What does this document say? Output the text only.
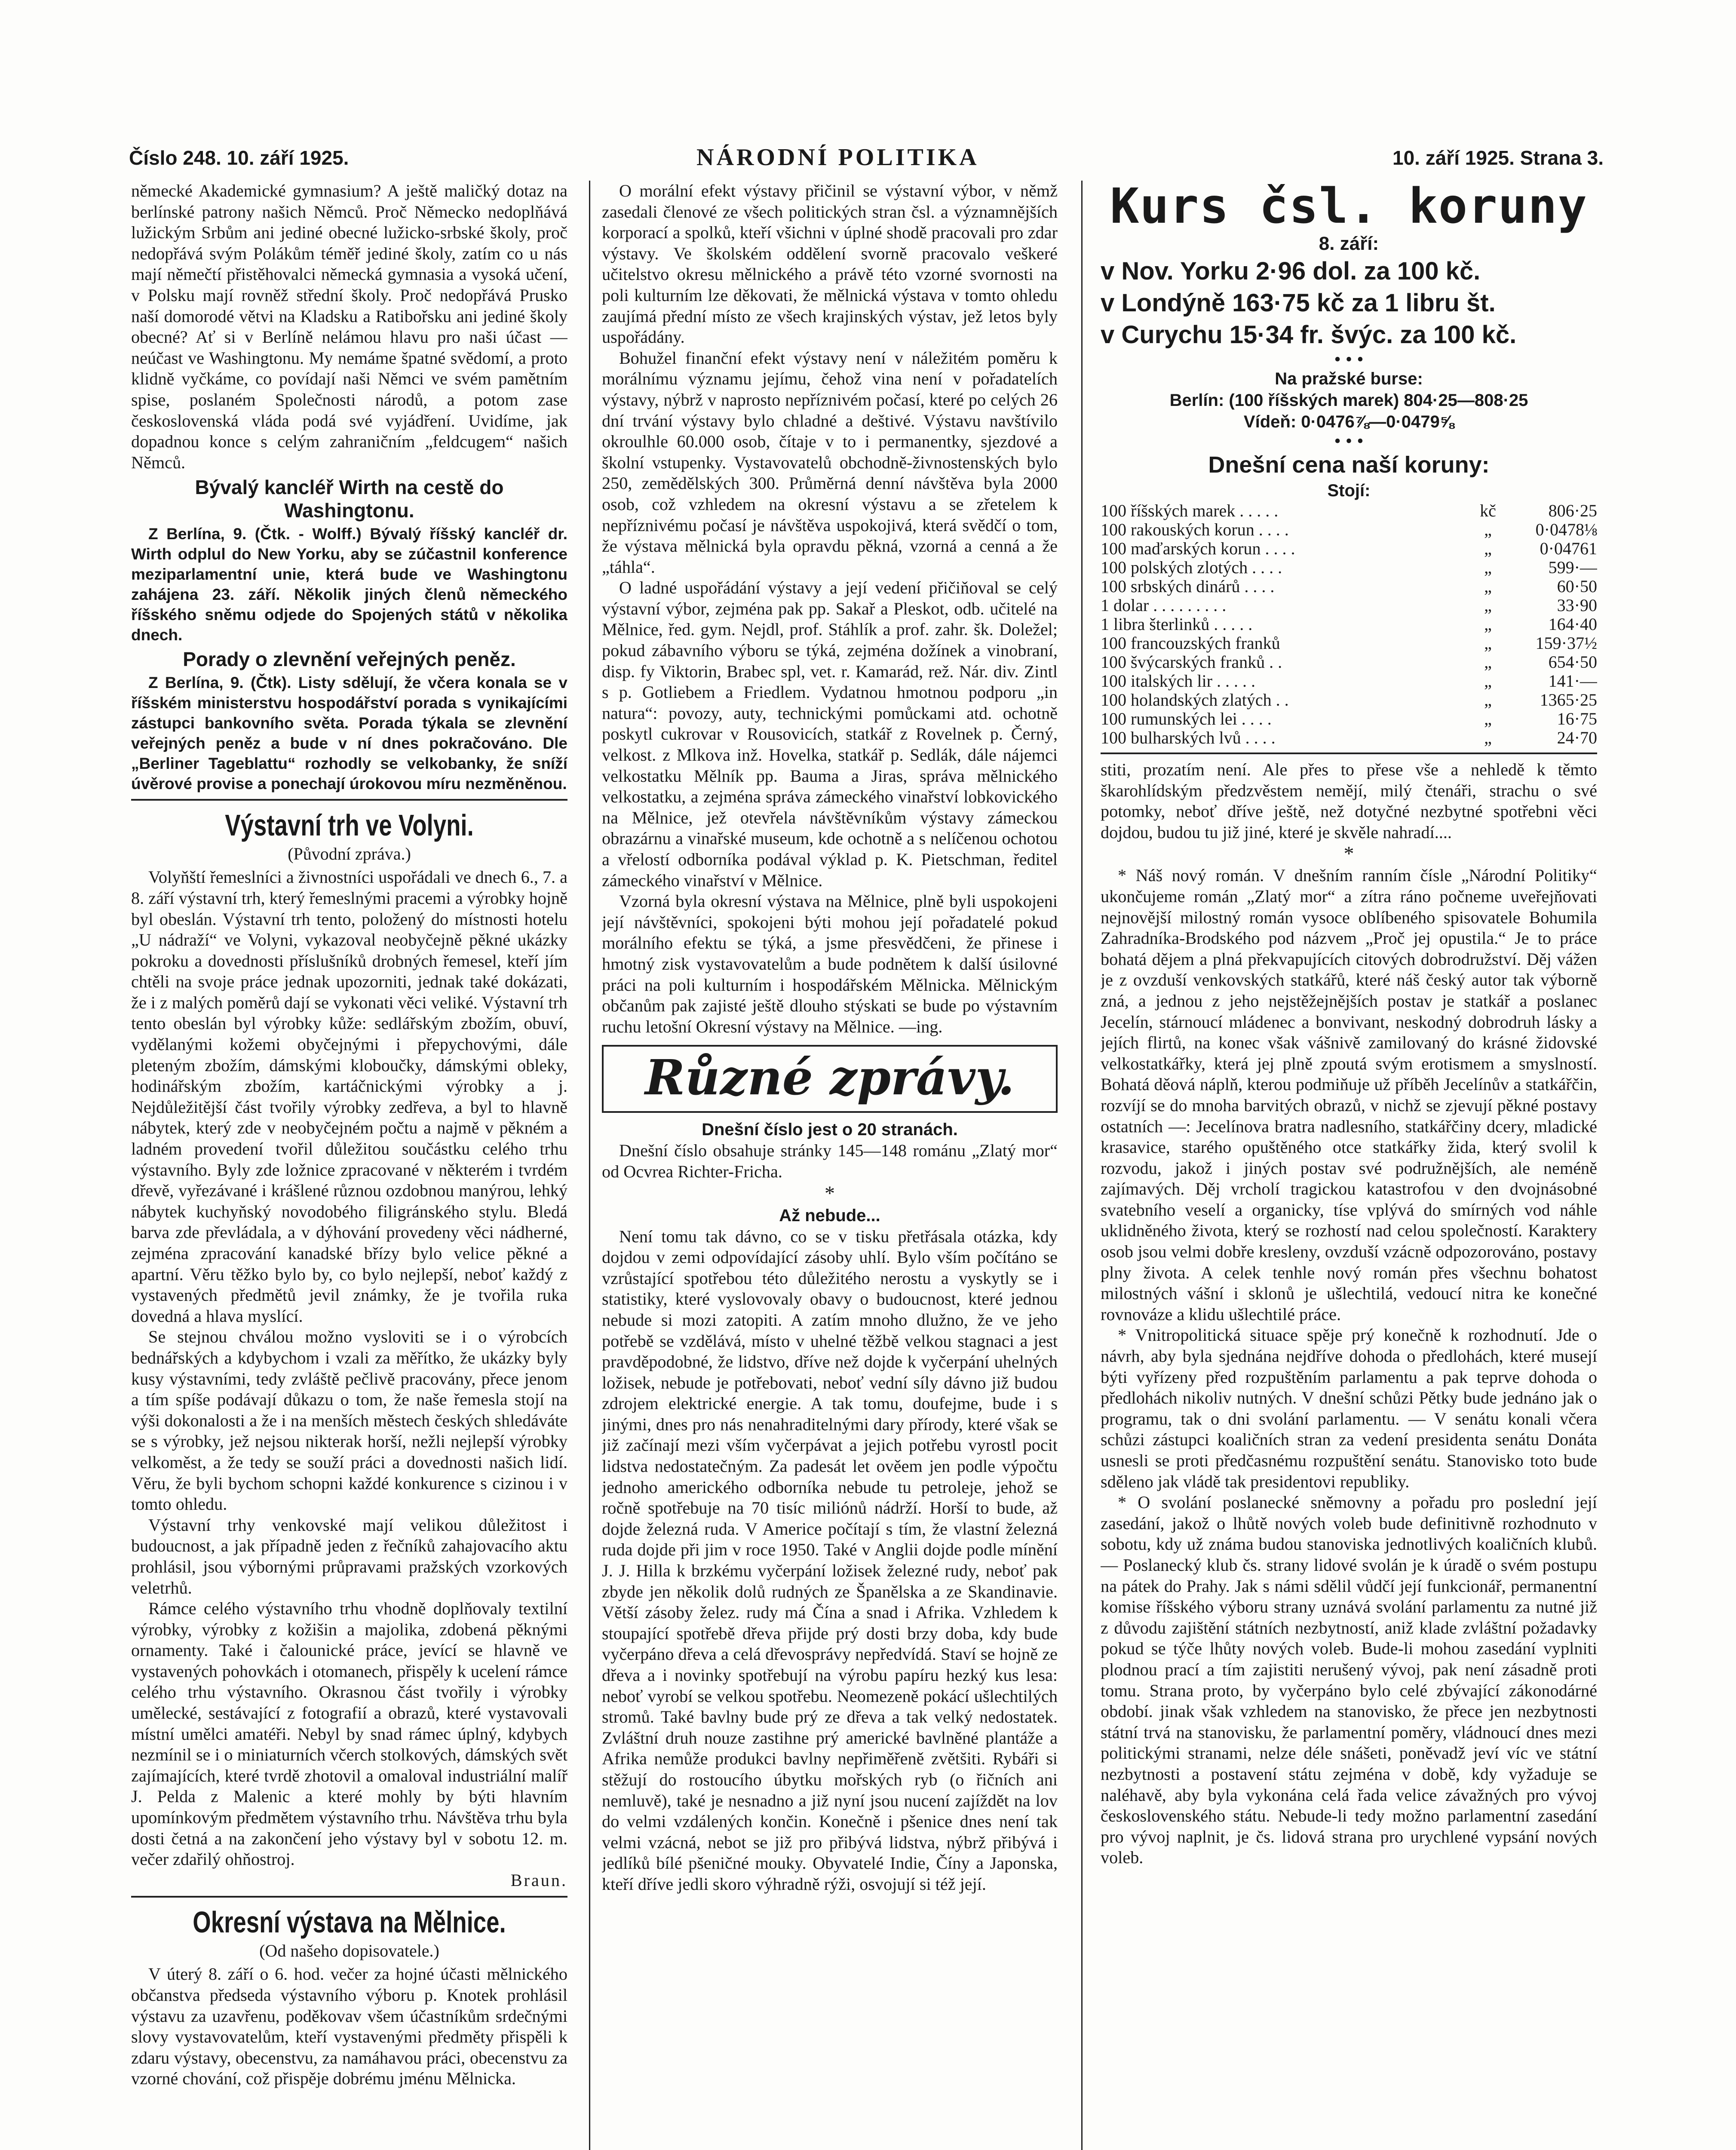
Číslo 248. 10. září 1925.	NÁRODNÍ POLITIKA	10. září 1925. Strana 3.

německé Akademické gymnasium? A ještě maličký dotaz na berlínské patrony našich Němců. Proč Německo nedoplňává lužickým Srbům ani jediné obecné lužicko-srbské školy, proč nedopřává svým Polákům téměř jediné školy, zatím co u nás mají němečtí přistěhovalci německá gymnasia a vysoká učení, v Polsku mají rovněž střední školy. Proč nedopřává Prusko naší domorodé větvi na Kladsku a Ratibořsku ani jediné školy obecné? Ať si v Berlíně nelámou hlavu pro naši účast — neúčast ve Washingtonu. My nemáme špatné svědomí, a proto klidně vyčkáme, co povídají naši Němci ve svém pamětním spise, poslaném Společnosti národů, a potom zase československá vláda podá své vyjádření. Uvidíme, jak dopadnou konce s celým zahraničním „feldcugem“ našich Němců.

Bývalý kancléř Wirth na cestě do Washingtonu.

Z Berlína, 9. (Čtk. - Wolff.) Bývalý říšský kancléř dr. Wirth odplul do New Yorku, aby se zúčastnil konference meziparlamentní unie, která bude ve Washingtonu zahájena 23. září. Několik jiných členů německého říšského sněmu odjede do Spojených států v několika dnech.

Porady o zlevnění veřejných peněz.

Z Berlína, 9. (Čtk). Listy sdělují, že včera konala se v říšském ministerstvu hospodářství porada s vynikajícími zástupci bankovního světa. Porada týkala se zlevnění veřejných peněz a bude v ní dnes pokračováno. Dle „Berliner Tageblattu“ rozhodly se velkobanky, že sníží úvěrové provise a ponechají úrokovou míru nezměněnou.

Výstavní trh ve Volyni.
(Původní zpráva.)

Volyňští řemeslníci a živnostníci uspořádali ve dnech 6., 7. a 8. září výstavní trh, který řemeslnými pracemi a výrobky hojně byl obeslán. Výstavní trh tento, položený do místnosti hotelu „U nádraží“ ve Volyni, vykazoval neobyčejně pěkné ukázky pokroku a dovednosti příslušníků drobných řemesel, kteří jím chtěli na svoje práce jednak upozorniti, jednak také dokázati, že i z malých poměrů dají se vykonati věci veliké. Výstavní trh tento obeslán byl výrobky kůže: sedlářským zbožím, obuví, vydělanými kožemi obyčejnými i přepychovými, dále pleteným zbožím, dámskými kloboučky, dámskými obleky, hodinářským zbožím, kartáčnickými výrobky a j. Nejdůležitější část tvořily výrobky zedřeva, a byl to hlavně nábytek, který zde v neobyčejném počtu a najmě v pěkném a ladném provedení tvořil důležitou součástku celého trhu výstavního. Byly zde ložnice zpracované v některém i tvrdém dřevě, vyřezávané i krášlené různou ozdobnou manýrou, lehký nábytek kuchyňský novodobého filigránského stylu. Bledá barva zde převládala, a v dýhování provedeny věci nádherné, zejména zpracování kanadské břízy bylo velice pěkné a apartní. Věru těžko bylo by, co bylo nejlepší, neboť každý z vystavených předmětů jevil známky, že je tvořila ruka dovedná a hlava myslící.

Se stejnou chválou možno vysloviti se i o výrobcích bednářských a kdybychom i vzali za měřítko, že ukázky byly kusy výstavními, tedy zvláště pečlivě pracovány, přece jenom a tím spíše podávají důkazu o tom, že naše řemesla stojí na výši dokonalosti a že i na menších městech českých shledáváte se s výrobky, jež nejsou nikterak horší, nežli nejlepší výrobky velkoměst, a že tedy se souží práci a dovednosti našich lidí. Věru, že byli bychom schopni každé konkurence s cizinou i v tomto ohledu.

Výstavní trhy venkovské mají velikou důležitost i budoucnost, a jak případně jeden z řečníků zahajovacího aktu prohlásil, jsou výbornými průpravami pražských vzorkových veletrhů.

Rámce celého výstavního trhu vhodně doplňovaly textilní výrobky, výrobky z kožišin a majolika, zdobená pěknými ornamenty. Také i čalounické práce, jevící se hlavně ve vystavených pohovkách i otomanech, přispěly k ucelení rámce celého trhu výstavního. Okrasnou část tvořily i výrobky umělecké, sestávající z fotografií a obrazů, které vystavovali místní umělci amatéři. Nebyl by snad rámec úplný, kdybych nezmínil se i o miniaturních včerch stolkových, dámských svět zajímajících, které tvrdě zhotovil a omaloval industriální malíř J. Pelda z Malenic a které mohly by býti hlavním upomínkovým předmětem výstavního trhu. Návštěva trhu byla dosti četná a na zakončení jeho výstavy byl v sobotu 12. m. večer zdařilý ohňostroj.

Braun.

Okresní výstava na Mělnice.
(Od našeho dopisovatele.)

V úterý 8. září o 6. hod. večer za hojné účasti mělnického občanstva předseda výstavního výboru p. Knotek prohlásil výstavu za uzavřenu, poděkovav všem účastníkům srdečnými slovy vystavovatelům, kteří vystavenými předměty přispěli k zdaru výstavy, obecenstvu, za namáhavou práci, obecenstvu za vzorné chování, což přispěje dobrému jménu Mělnicka.

O morální efekt výstavy přičinil se výstavní výbor, v němž zasedali členové ze všech politických stran čsl. a významnějších korporací a spolků, kteří všichni v úplné shodě pracovali pro zdar výstavy. Ve školském oddělení svorně pracovalo veškeré učitelstvo okresu mělnického a právě této vzorné svornosti na poli kulturním lze děkovati, že mělnická výstava v tomto ohledu zaujímá přední místo ze všech krajinských výstav, jež letos byly uspořádány.

Bohužel finanční efekt výstavy není v náležitém poměru k morálnímu významu jejímu, čehož vina není v pořadatelích výstavy, nýbrž v naprosto nepříznivém počasí, které po celých 26 dní trvání výstavy bylo chladné a deštivé. Výstavu navštívilo okroulhle 60.000 osob, čítaje v to i permanentky, sjezdové a školní vstupenky. Vystavovatelů obchodně-živnostenských bylo 250, zemědělských 300. Průměrná denní návštěva byla 2000 osob, což vzhledem na okresní výstavu a se zřetelem k nepříznivému počasí je návštěva uspokojivá, která svědčí o tom, že výstava mělnická byla opravdu pěkná, vzorná a cenná a že „táhla“.

O ladné uspořádání výstavy a její vedení přičiňoval se celý výstavní výbor, zejména pak pp. Sakař a Pleskot, odb. učitelé na Mělnice, řed. gym. Nejdl, prof. Stáhlík a prof. zahr. šk. Doležel; pokud zábavního výboru se týká, zejména dožínek a vinobraní, disp. fy Viktorin, Brabec spl, vet. r. Kamarád, rež. Nár. div. Zintl s p. Gotliebem a Friedlem. Vydatnou hmotnou podporu „in natura“: povozy, auty, technickými pomůckami atd. ochotně poskytl cukrovar v Rousovicích, statkář z Rovelnek p. Černý, velkost. z Mlkova inž. Hovelka, statkář p. Sedlák, dále nájemci velkostatku Mělník pp. Bauma a Jiras, správa mělnického velkostatku, a zejména správa zámeckého vinařství lobkovického na Mělnice, jež otevřela návštěvníkům výstavy zámeckou obrazárnu a vinařské museum, kde ochotně a s nelíčenou ochotou a vřelostí odborníka podával výklad p. K. Pietschman, ředitel zámeckého vinařství v Mělnice.

Vzorná byla okresní výstava na Mělnice, plně byli uspokojeni její návštěvníci, spokojeni býti mohou její pořadatelé pokud morálního efektu se týká, a jsme přesvědčeni, že přinese i hmotný zisk vystavovatelům a bude podnětem k další úsilovné práci na poli kulturním i hospodářském Mělnicka. Mělnickým občanům pak zajisté ještě dlouho stýskati se bude po výstavním ruchu letošní Okresní výstavy na Mělnice. —ing.

Různé zprávy.
Dnešní číslo jest o 20 stranách.

Dnešní číslo obsahuje stránky 145—148 románu „Zlatý mor“ od Ocvrea Richter-Fricha.

*
Až nebude...

Není tomu tak dávno, co se v tisku přetřásala otázka, kdy dojdou v zemi odpovídající zásoby uhlí. Bylo vším počítáno se vzrůstající spotřebou této důležitého nerostu a vyskytly se i statistiky, které vyslovovaly obavy o budoucnost, které jednou nebude si mozi zatopiti. A zatím mnoho dlužno, že ve jeho potřebě se vzdělává, místo v uhelné těžbě velkou stagnaci a jest pravděpodobné, že lidstvo, dříve než dojde k vyčerpání uhelných ložisek, nebude je potřebovati, neboť vední síly dávno již budou zdrojem elektrické energie. A tak tomu, doufejme, bude i s jinými, dnes pro nás nenahraditelnými dary přírody, které však se již začínají mezi vším vyčerpávat a jejich potřebu vyrostl pocit lidstva nedostatečným. Za padesát let ověem jen podle výpočtu jednoho amerického odborníka nebude tu petroleje, jehož se ročně spotřebuje na 70 tisíc miliónů nádrží. Horší to bude, až dojde železná ruda. V Americe počítají s tím, že vlastní železná ruda dojde při jim v roce 1950. Také v Anglii dojde podle mínění J. J. Hilla k brzkému vyčerpání ložisek železné rudy, neboť pak zbyde jen několik dolů rudných ze Španělska a ze Skandinavie. Větší zásoby želez. rudy má Čína a snad i Afrika. Vzhledem k stoupající spotřebě dřeva přijde prý dosti brzy doba, kdy bude vyčerpáno dřeva a celá dřevosprávy nepředvídá. Staví se hojně ze dřeva a i novinky spotřebují na výrobu papíru hezký kus lesa: neboť vyrobí se velkou spotřebu. Neomezeně pokácí ušlechtilých stromů. Také bavlny bude prý ze dřeva a tak velký nedostatek. Zvláštní druh nouze zastihne prý americké bavlněné plantáže a Afrika nemůže produkci bavlny nepřiměřeně zvětšiti. Rybáři si stěžují do rostoucího úbytku mořských ryb (o řičních ani nemluvě), také je nesnadno a již nyní jsou nucení zajíždět na lov do velmi vzdálených končin. Konečně i pšenice dnes není tak velmi vzácná, nebot se již pro přibývá lidstva, nýbrž přibývá i jedlíků bílé pšeničné mouky. Obyvatelé Indie, Číny a Japonska, kteří dříve jedli skoro výhradně rýži, osvojují si též její.

Kurs čsl. koruny
8. září:
v Nov. Yorku 2·96 dol. za 100 kč.
v Londýně 163·75 kč za 1 libru št.
v Curychu 15·34 fr. švýc. za 100 kč.
• • •
Na pražské burse:
Berlín: (100 říšských marek) 804·25—808·25
Vídeň: 0·0476⅞—0·0479⅝
• • •
Dnešní cena naší koruny:
Stojí:
100 říšských marek . . . . .	kč	806·25
100 rakouských korun . . . .	„	0·0478⅛
100 maďarských korun . . . .	„	0·04761
100 polských zlotých . . . .	„	599·—
100 srbských dinárů . . . .	„	60·50
1 dolar . . . . . . . . .	„	33·90
1 libra šterlinků . . . . .	„	164·40
100 francouzských franků	„	159·37½
100 švýcarských franků . .	„	654·50
100 italských lir . . . . .	„	141·—
100 holandských zlatých . .	„	1365·25
100 rumunských lei . . . .	„	16·75
100 bulharských lvů . . . .	„	24·70

stiti, prozatím není. Ale přes to přese vše a nehledě k těmto škarohlídským předzvěstem nemějí, milý čtenáři, strachu o své potomky, neboť dříve ještě, než dotyčné nezbytné spotřebni věci dojdou, budou tu již jiné, které je skvěle nahradí....

*

* Náš nový román. V dnešním ranním čísle „Národní Politiky“ ukončujeme román „Zlatý mor“ a zítra ráno počneme uveřejňovati nejnovější milostný román vysoce oblíbeného spisovatele Bohumila Zahradníka-Brodského pod názvem „Proč jej opustila.“ Je to práce bohatá dějem a plná překvapujících citových dobrodružství. Děj vážen je z ovzduší venkovských statkářů, které náš český autor tak výborně zná, a jednou z jeho nejstěžejnějších postav je statkář a poslanec Jecelín, stárnoucí mládenec a bonvivant, neskodný dobrodruh lásky a jejích flirtů, na konec však vášnivě zamilovaný do krásné židovské velkostatkářky, která jej plně zpoutá svým erotismem a smyslností. Bohatá děová náplň, kterou podmiňuje už příběh Jecelínův a statkářčin, rozvíjí se do mnoha barvitých obrazů, v nichž se zjevují pěkné postavy ostatních —: Jecelínova bratra nadlesního, statkářčiny dcery, mladické krasavice, starého opuštěného otce statkářky žida, který svolil k rozvodu, jakož i jiných postav své podružnějších, ale neméně zajímavých. Děj vrcholí tragickou katastrofou v den dvojnásobné svatebního veselí a organicky, tíse vplývá do smírných vod náhle uklidněného života, který se rozhostí nad celou společností. Karaktery osob jsou velmi dobře kresleny, ovzduší vzácně odpozorováno, postavy plny života. A celek tenhle nový román přes všechnu bohatost milostných vášní i sklonů je ušlechtilá, vedoucí nitra ke konečné rovnováze a klidu ušlechtilé práce.

* Vnitropolitická situace spěje prý konečně k rozhodnutí. Jde o návrh, aby byla sjednána nejdříve dohoda o předlohách, které musejí býti vyřízeny před rozpuštěním parlamentu a pak teprve dohoda o předlohách nikoliv nutných. V dnešní schůzi Pětky bude jednáno jak o programu, tak o dni svolání parlamentu. — V senátu konali včera schůzi zástupci koaličních stran za vedení presidenta senátu Donáta usnesli se proti předčasnému rozpuštění senátu. Stanovisko toto bude sděleno jak vládě tak presidentovi republiky.

* O svolání poslanecké sněmovny a pořadu pro poslední její zasedání, jakož o lhůtě nových voleb bude definitivně rozhodnuto v sobotu, kdy už známa budou stanoviska jednotlivých koaličních klubů. — Poslanecký klub čs. strany lidové svolán je k úradě o svém postupu na pátek do Prahy. Jak s námi sdělil vůdčí její funkcionář, permanentní komise říšského výboru strany uznává svolání parlamentu za nutné již z důvodu zajištění státních nezbytností, aniž klade zvláštní požadavky pokud se týče lhůty nových voleb. Bude-li mohou zasedání vyplniti plodnou prací a tím zajistiti nerušený vývoj, pak není zásadně proti tomu. Strana proto, by vyčerpáno bylo celé zbývající zákonodárné období. jinak však vzhledem na stanovisko, že přece jen nezbytnosti státní trvá na stanovisku, že parlamentní poměry, vládnoucí dnes mezi politickými stranami, nelze déle snášeti, poněvadž jeví víc ve státní nezbytnosti a postavení státu zejména v době, kdy vyžaduje se naléhavě, aby byla vykonána celá řada velice závažných pro vývoj československého státu. Nebude-li tedy možno parlamentní zasedání pro vývoj naplnit, je čs. lidová strana pro urychlené vypsání nových voleb.
